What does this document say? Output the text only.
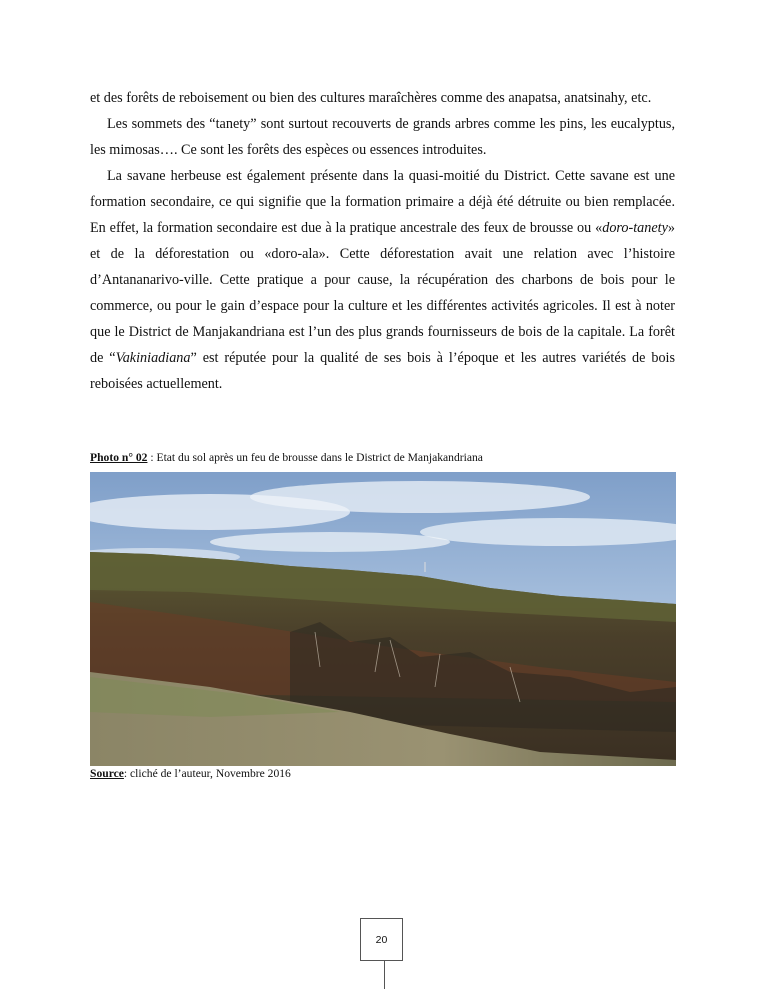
et des forêts de reboisement ou bien des cultures maraîchères comme des anapatsa, anatsinahy, etc.

Les sommets des “tanety” sont surtout recouverts de grands arbres comme les pins, les eucalyptus, les mimosas…. Ce sont les forêts des espèces ou essences introduites.

La savane herbeuse est également présente dans la quasi-moitié du District. Cette savane est une formation secondaire, ce qui signifie que la formation primaire a déjà été détruite ou bien remplacée. En effet, la formation secondaire est due à la pratique ancestrale des feux de brousse ou «doro-tanety» et de la déforestation ou «doro-ala». Cette déforestation avait une relation avec l’histoire d’Antananarivo-ville. Cette pratique a pour cause, la récupération des charbons de bois pour le commerce, ou pour le gain d’espace pour la culture et les différentes activités agricoles. Il est à noter que le District de Manjakandriana est l’un des plus grands fournisseurs de bois de la capitale. La forêt de “Vakiniadiana” est réputée pour la qualité de ses bois à l’époque et les autres variétés de bois reboisées actuellement.

Photo n° 02 : Etat du sol après un feu de brousse dans le District de Manjakandriana
Source: cliché de l’auteur, Novembre 2016
20
